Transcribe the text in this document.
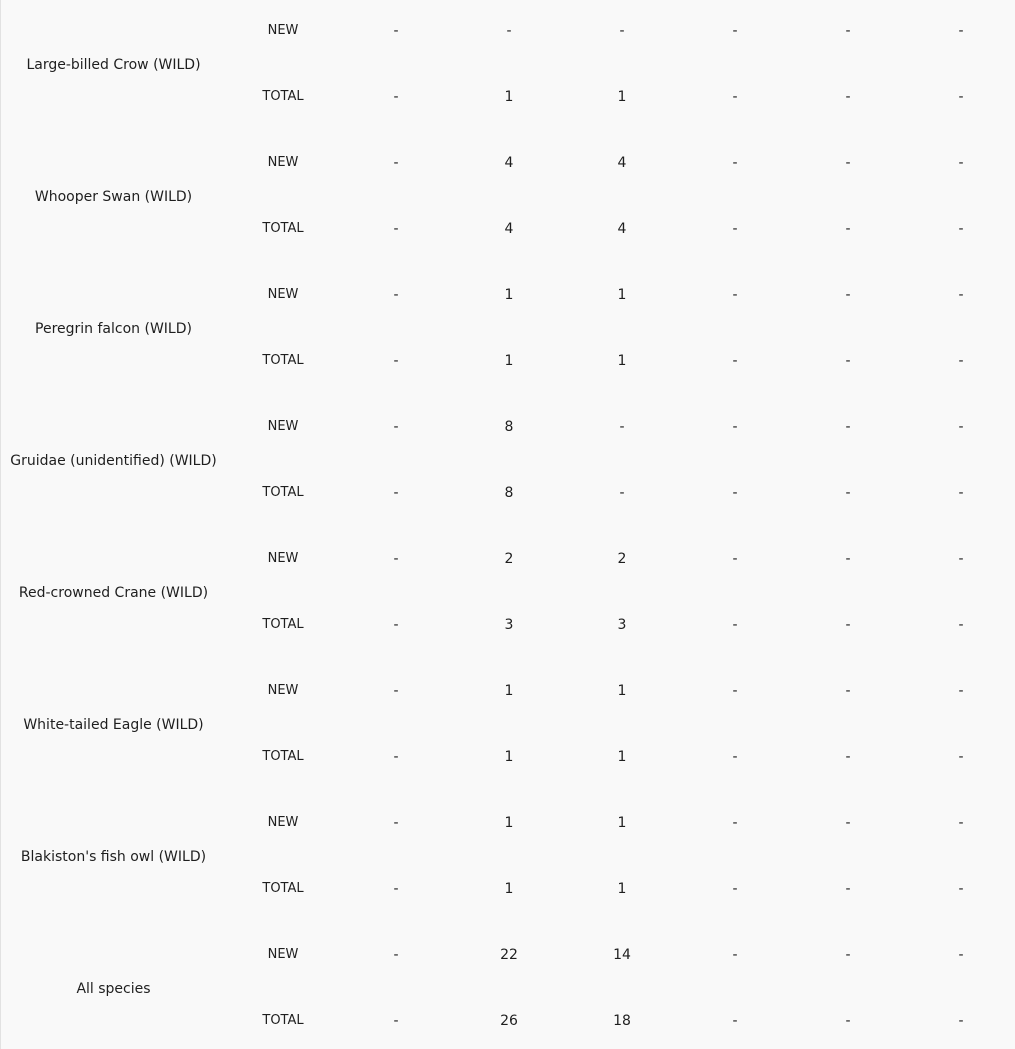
Large-billed Crow (WILD)
NEW	-	-	-	-	-	-
TOTAL	-	1	1	-	-	-
Whooper Swan (WILD)
NEW	-	4	4	-	-	-
TOTAL	-	4	4	-	-	-
Peregrin falcon (WILD)
NEW	-	1	1	-	-	-
TOTAL	-	1	1	-	-	-
Gruidae (unidentified) (WILD)
NEW	-	8	-	-	-	-
TOTAL	-	8	-	-	-	-
Red-crowned Crane (WILD)
NEW	-	2	2	-	-	-
TOTAL	-	3	3	-	-	-
White-tailed Eagle (WILD)
NEW	-	1	1	-	-	-
TOTAL	-	1	1	-	-	-
Blakiston's fish owl (WILD)
NEW	-	1	1	-	-	-
TOTAL	-	1	1	-	-	-
All species
NEW	-	22	14	-	-	-
TOTAL	-	26	18	-	-	-
